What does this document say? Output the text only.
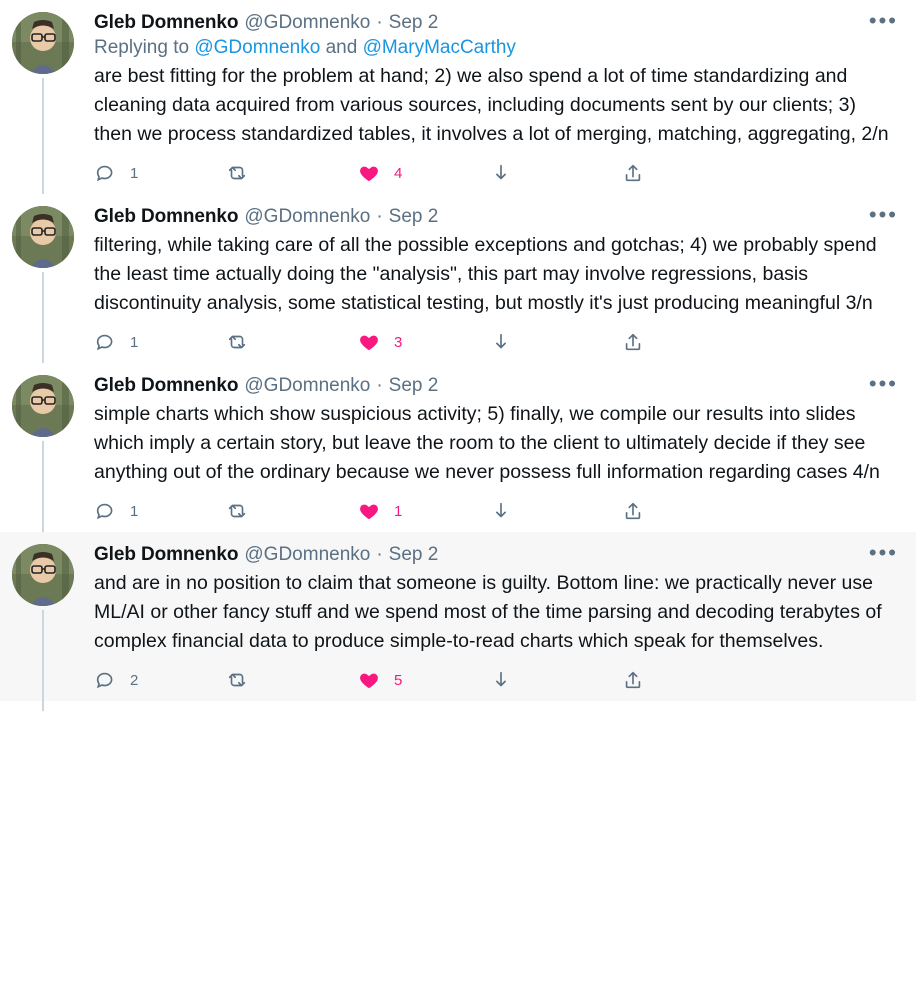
Gleb Domnenko @GDomnenko · Sep 2	•••
Replying to @GDomnenko and @MaryMacCarthy
are best fitting for the problem at hand; 2) we also spend a lot of time standardizing and cleaning data acquired from various sources, including documents sent by our clients; 3) then we process standardized tables, it involves a lot of merging, matching, aggregating, 2/n
1	4
Gleb Domnenko @GDomnenko · Sep 2	•••
filtering, while taking care of all the possible exceptions and gotchas; 4) we probably spend the least time actually doing the "analysis", this part may involve regressions, basis discontinuity analysis, some statistical testing, but mostly it's just producing meaningful 3/n
1	3
Gleb Domnenko @GDomnenko · Sep 2	•••
simple charts which show suspicious activity; 5) finally, we compile our results into slides which imply a certain story, but leave the room to the client to ultimately decide if they see anything out of the ordinary because we never possess full information regarding cases 4/n
1	1
Gleb Domnenko @GDomnenko · Sep 2	•••
and are in no position to claim that someone is guilty. Bottom line: we practically never use ML/AI or other fancy stuff and we spend most of the time parsing and decoding terabytes of complex financial data to produce simple-to-read charts which speak for themselves.
2	5
